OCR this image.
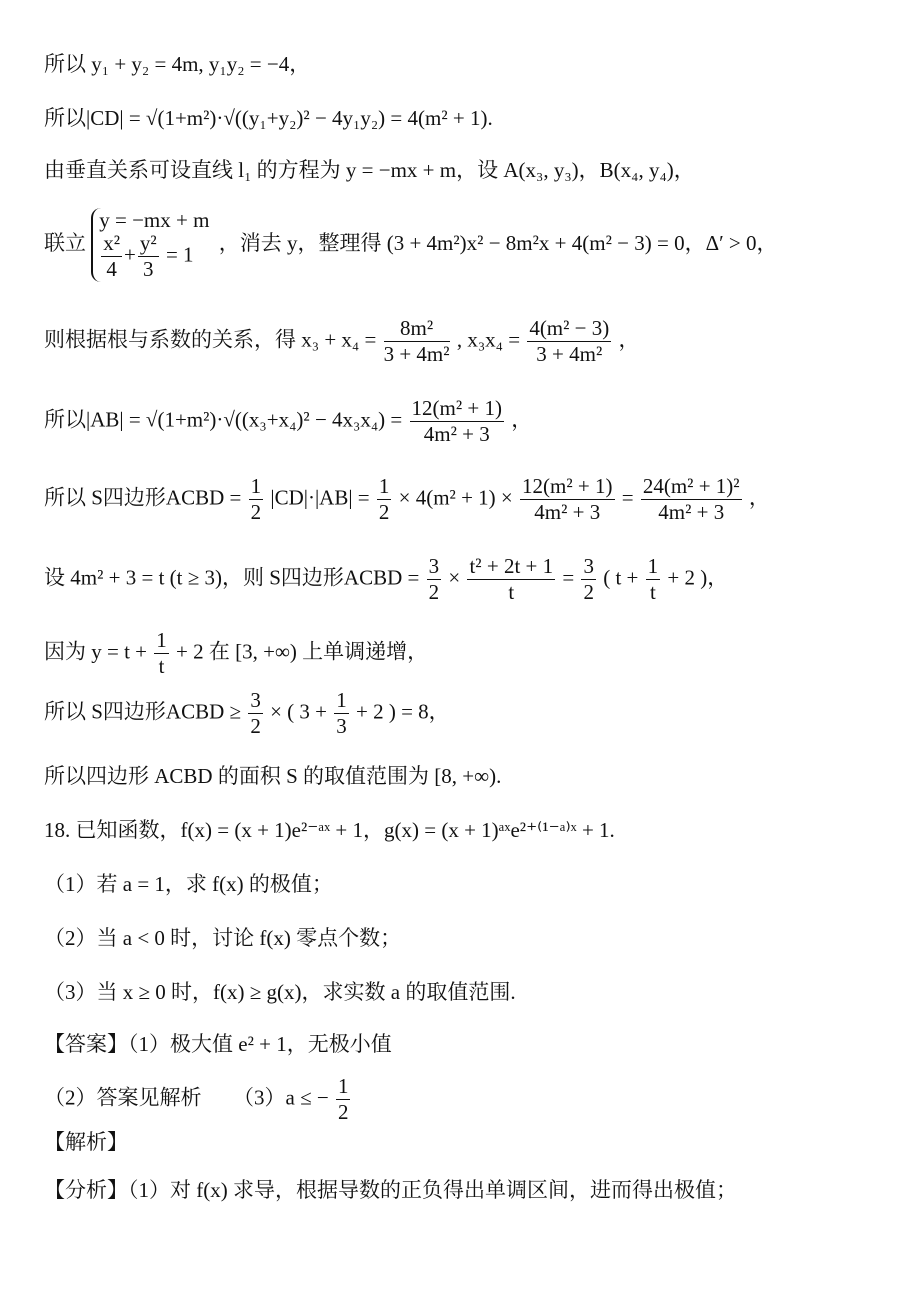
所以 y₁ + y₂ = 4m, y₁y₂ = −4，
所以|CD| = √(1+m²)·√((y₁+y₂)² − 4y₁y₂) = 4(m² + 1).
由垂直关系可设直线 l₁ 的方程为 y = −mx + m，设 A(x₃, y₃)，B(x₄, y₄)，
联立
y = −mx + m
$\frac{\text{x²}}{4} + \frac{\text{y²}}{3} = 1$	，消去 y，整理得 (3 + 4m²)x² − 8m²x + 4(m² − 3) = 0，Δ′ > 0，
则根据根与系数的关系，得 $x_3 + x_4 = \frac{\text{8m²}}{\text{3 + 4m²}}$ , $x_3x_4 = \frac{\text{4(m² − 3)}}{\text{3 + 4m²}}$ ，
所以$|AB| = √(1+m^2)\cdot√((x_3+x_4)^2 - 4x_3x_4) = \frac{\text{12(m² + 1)}}{\text{4m² + 3}}$ ，
所以 S四边形ACBD = $\frac{1}{2} |CD|\cdot|AB| = \frac{1}{2} \times 4(m^2 + 1) \times \frac{\text{12(m² + 1)}}{\text{4m² + 3}} = \frac{\text{24(m² + 1)²}}{\text{4m² + 3}}$ ，
设 4m² + 3 = t (t ≥ 3)，则 S四边形ACBD = $\frac{3}{2} \times \frac{\text{t² + 2t + 1}}{t} = \frac{3}{2}$ ( $t + \frac{1}{t} + 2$ )，
因为 $y = t + \frac{1}{t} + 2$ 在 [3, +∞) 上单调递增，
所以 S四边形ACBD ≥ $\frac{3}{2}$ × ( $3 + \frac{1}{3} + 2$ ) = 8，
所以四边形 ACBD 的面积 S 的取值范围为 [8, +∞).
18. 已知函数，f(x) = (x + 1)e²⁻ᵃˣ + 1，g(x) = (x + 1)ᵃˣe²⁺⁽¹⁻ᵃ⁾ˣ + 1.
（1）若 a = 1，求 f(x) 的极值；
（2）当 a < 0 时，讨论 f(x) 零点个数；
（3）当 x ≥ 0 时，f(x) ≥ g(x)，求实数 a 的取值范围.
【答案】（1）极大值 e² + 1，无极小值
（2）答案见解析　　（3）a ≤ − $\frac{1}{2}$
【解析】
【分析】（1）对 f(x) 求导，根据导数的正负得出单调区间，进而得出极值；
